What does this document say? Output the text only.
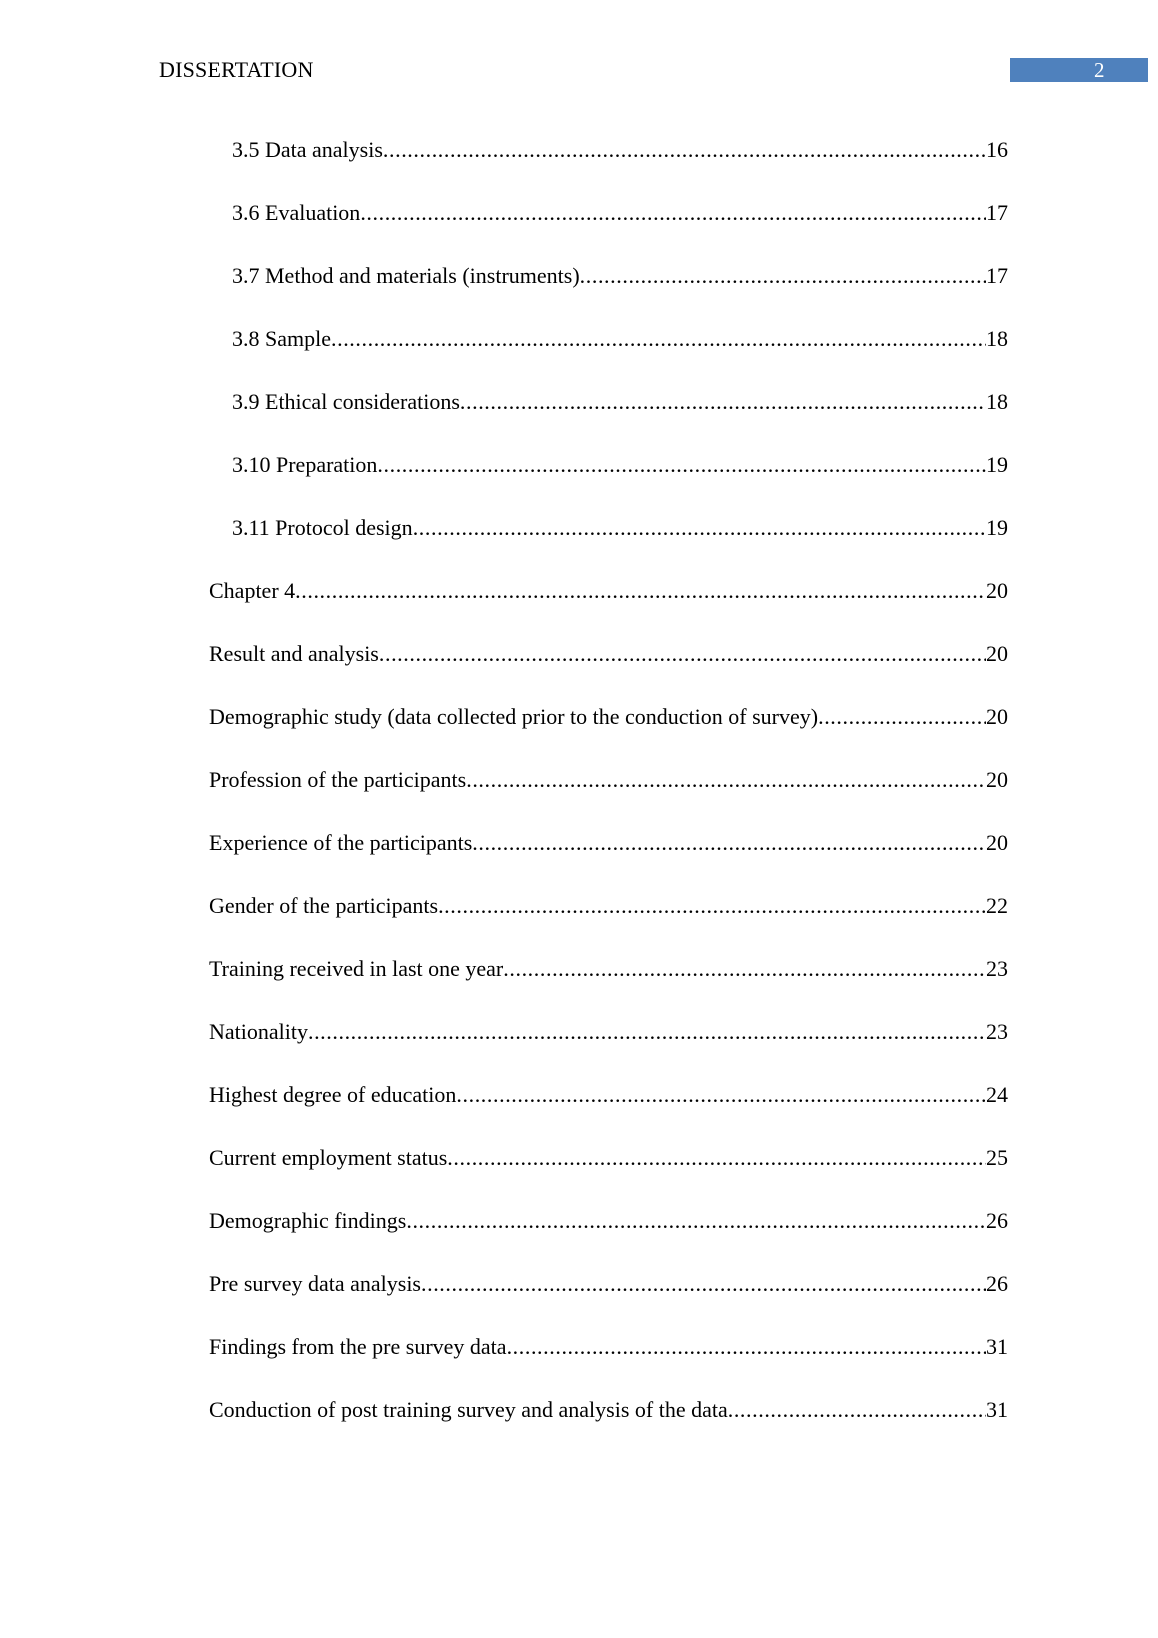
DISSERTATION	2
3.5 Data analysis .....	16
3.6 Evaluation .....	17
3.7 Method and materials (instruments) .....	17
3.8 Sample .....	18
3.9 Ethical considerations .....	18
3.10 Preparation .....	19
3.11 Protocol design .....	19
Chapter 4 .....	20
Result and analysis .....	20
Demographic study (data collected prior to the conduction of survey) .....	20
Profession of the participants .....	20
Experience of the participants .....	20
Gender of the participants .....	22
Training received in last one year .....	23
Nationality .....	23
Highest degree of education .....	24
Current employment status .....	25
Demographic findings .....	26
Pre survey data analysis .....	26
Findings from the pre survey data .....	31
Conduction of post training survey and analysis of the data .....	31
